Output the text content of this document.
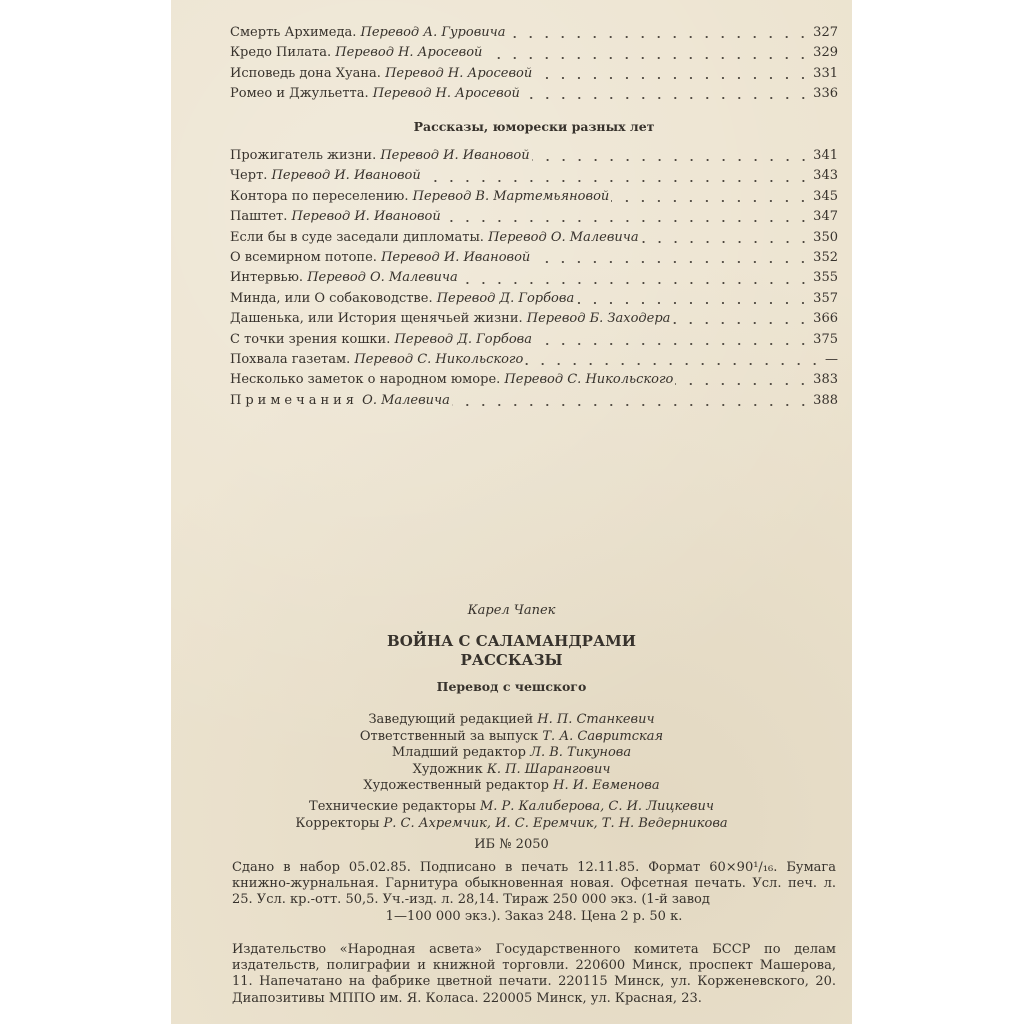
Смерть Архимеда. Перевод А. Гуровича	327
Кредо Пилата. Перевод Н. Аросевой	329
Исповедь дона Хуана. Перевод Н. Аросевой	331
Ромео и Джульетта. Перевод Н. Аросевой	336
Рассказы, юморески разных лет
Прожигатель жизни. Перевод И. Ивановой	341
Черт. Перевод И. Ивановой	343
Контора по переселению. Перевод В. Мартемьяновой	345
Паштет. Перевод И. Ивановой	347
Если бы в суде заседали дипломаты. Перевод О. Малевича	350
О всемирном потопе. Перевод И. Ивановой	352
Интервью. Перевод О. Малевича	355
Минда, или О собаководстве. Перевод Д. Горбова	357
Дашенька, или История щенячьей жизни. Перевод Б. Заходера	366
С точки зрения кошки. Перевод Д. Горбова	375
Похвала газетам. Перевод С. Никольского	—
Несколько заметок о народном юморе. Перевод С. Никольского	383
Примечания О. Малевича	388
Карел Чапек
ВОЙНА С САЛАМАНДРАМИ
РАССКАЗЫ
Перевод с чешского
Заведующий редакцией Н. П. Станкевич
Ответственный за выпуск Т. А. Савритская
Младший редактор Л. В. Тикунова
Художник К. П. Шарангович
Художественный редактор Н. И. Евменова
Технические редакторы М. Р. Калиберова, С. И. Лицкевич
Корректоры Р. С. Ахремчик, И. С. Еремчик, Т. Н. Ведерникова
ИБ № 2050
Сдано в набор 05.02.85. Подписано в печать 12.11.85. Формат 60×90¹/₁₆. Бумага книжно-журнальная. Гарнитура обыкновенная новая. Офсетная печать. Усл. печ. л. 25. Усл. кр.-отт. 50,5. Уч.-изд. л. 28,14. Тираж 250 000 экз. (1-й завод
1—100 000 экз.). Заказ 248. Цена 2 р. 50 к.
Издательство «Народная асвета» Государственного комитета БССР по делам издательств, полиграфии и книжной торговли. 220600 Минск, проспект Машерова, 11. Напечатано на фабрике цветной печати. 220115 Минск, ул. Корженевского, 20. Диапозитивы МППО им. Я. Коласа. 220005 Минск, ул. Красная, 23.
